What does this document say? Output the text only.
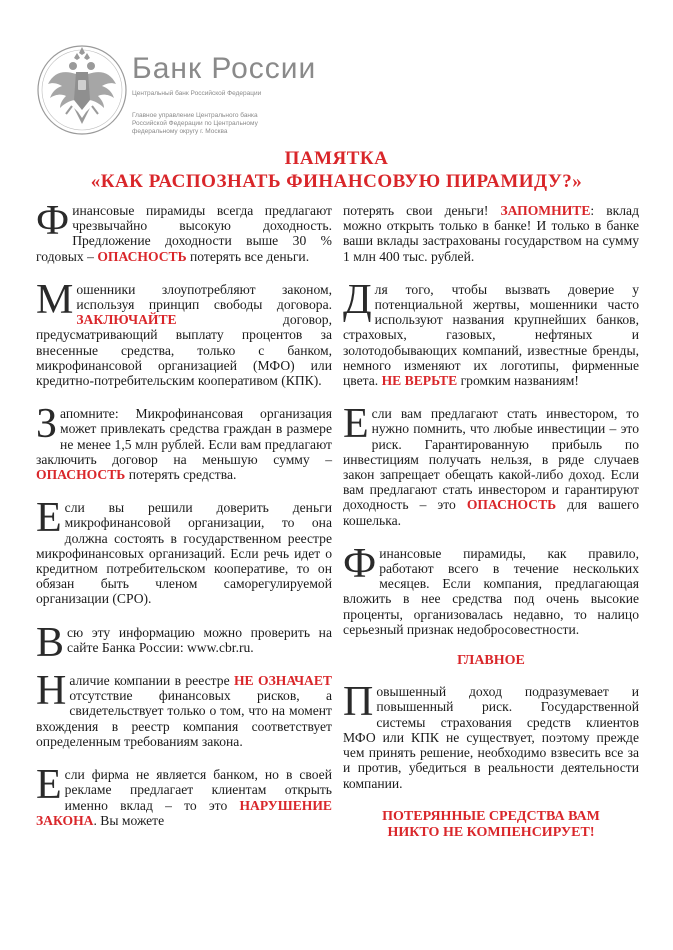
Банк России
Центральный банк Российской Федерации
Главное управление Центрального банка Российской Федерации по Центральному федеральному округу г. Москва
ПАМЯТКА
«КАК РАСПОЗНАТЬ ФИНАНСОВУЮ ПИРАМИДУ?»

Финансовые пирамиды всегда предлагают чрезвычайно высокую доходность. Предложение доходности выше 30 % годовых – ОПАСНОСТЬ потерять все деньги.

Мошенники злоупотребляют законом, используя принцип свободы договора. ЗАКЛЮЧАЙТЕ договор, предусматривающий выплату процентов за внесенные средства, только с банком, микрофинансовой организацией (МФО) или кредитно-потребительским кооперативом (КПК).

Запомните: Микрофинансовая организация может привлекать средства граждан в размере не менее 1,5 млн рублей. Если вам предлагают заключить договор на меньшую сумму – ОПАСНОСТЬ потерять средства.

Если вы решили доверить деньги микрофинансовой организации, то она должна состоять в государственном реестре микрофинансовых организаций. Если речь идет о кредитном потребительском кооперативе, то он обязан быть членом саморегулируемой организации (СРО).

Всю эту информацию можно проверить на сайте Банка России: www.cbr.ru.

Наличие компании в реестре НЕ ОЗНАЧАЕТ отсутствие финансовых рисков, а свидетельствует только о том, что на момент вхождения в реестр компания соответствует определенным требованиям закона.

Если фирма не является банком, но в своей рекламе предлагает клиентам открыть именно вклад – то это НАРУШЕНИЕ ЗАКОНА. Вы можете

потерять свои деньги! ЗАПОМНИТЕ: вклад можно открыть только в банке! И только в банке ваши вклады застрахованы государством на сумму 1 млн 400 тыс. рублей.

Для того, чтобы вызвать доверие у потенциальной жертвы, мошенники часто используют названия крупнейших банков, страховых, газовых, нефтяных и золотодобывающих компаний, известные бренды, немного изменяют их логотипы, фирменные цвета. НЕ ВЕРЬТЕ громким названиям!

Если вам предлагают стать инвестором, то нужно помнить, что любые инвестиции – это риск. Гарантированную прибыль по инвестициям получать нельзя, в ряде случаев закон запрещает обещать какой-либо доход. Если вам предлагают стать инвестором и гарантируют доходность – это ОПАСНОСТЬ для вашего кошелька.

Финансовые пирамиды, как правило, работают всего в течение нескольких месяцев. Если компания, предлагающая вложить в нее средства под очень высокие проценты, организовалась недавно, то налицо серьезный признак недобросовестности.

ГЛАВНОЕ

Повышенный доход подразумевает и повышенный риск. Государственной системы страхования средств клиентов МФО или КПК не существует, поэтому прежде чем принять решение, необходимо взвесить все за и против, убедиться в реальности деятельности компании.

ПОТЕРЯННЫЕ СРЕДСТВА ВАМ
НИКТО НЕ КОМПЕНСИРУЕТ!
